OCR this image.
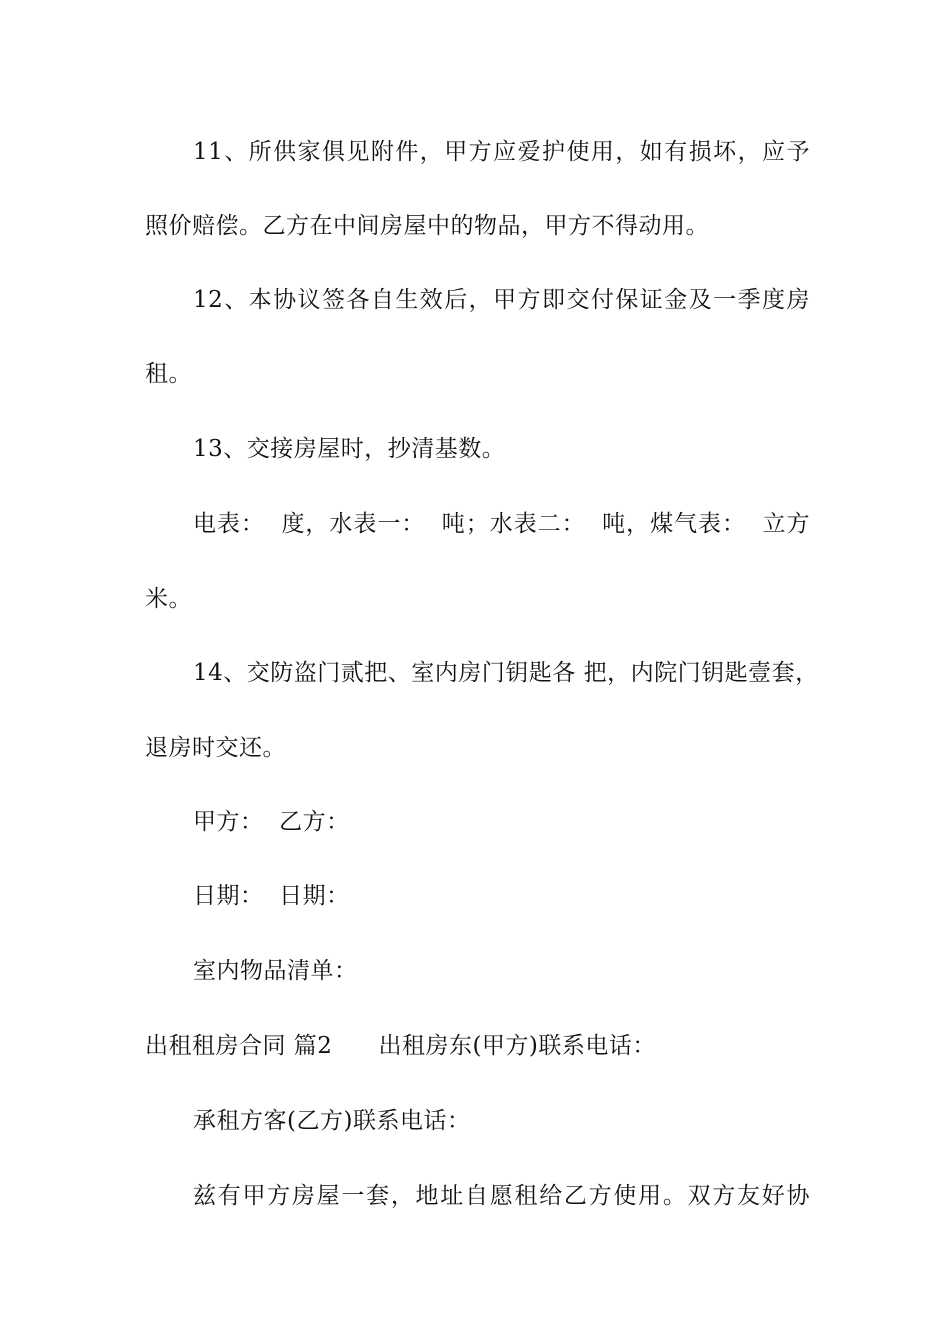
11、所供家俱见附件，甲方应爱护使用，如有损坏，应予

照价赔偿。乙方在中间房屋中的物品，甲方不得动用。

12、本协议签各自生效后，甲方即交付保证金及一季度房

租。

13、交接房屋时，抄清基数。

电表：  度，水表一：  吨；水表二：  吨，煤气表：  立方

米。

14、交防盗门贰把、室内房门钥匙各 把，内院门钥匙壹套，

退房时交还。

甲方：  乙方：

日期：  日期：

室内物品清单：

出租租房合同 篇2 出租房东(甲方)联系电话：

承租方客(乙方)联系电话：

兹有甲方房屋一套，地址自愿租给乙方使用。双方友好协
